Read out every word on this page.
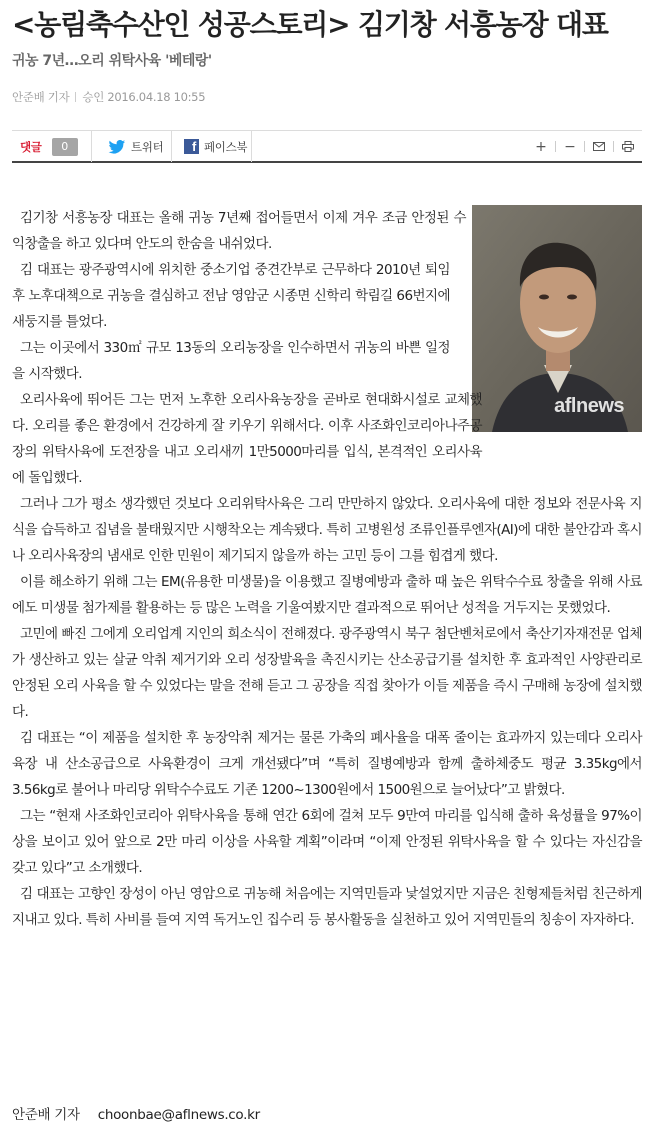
<농림축수산인 성공스토리> 김기창 서흥농장 대표
귀농 7년…오리 위탁사육 '베테랑'
안준배 기자 승인 2016.04.18 10:55
댓글	0	트위터	f 페이스북	+	−
aflnews

김기창 서흥농장 대표는 올해 귀농 7년째 접어들면서 이제 겨우 조금 안정된 수익창출을 하고 있다며 안도의 한숨을 내쉬었다.

김 대표는 광주광역시에 위치한 중소기업 중견간부로 근무하다 2010년 퇴임 후 노후대책으로 귀농을 결심하고 전남 영암군 시종면 신학리 학림길 66번지에 새둥지를 틀었다.

그는 이곳에서 330㎡ 규모 13동의 오리농장을 인수하면서 귀농의 바쁜 일정을 시작했다.

오리사육에 뛰어든 그는 먼저 노후한 오리사육농장을 곧바로 현대화시설로 교체했다. 오리를 좋은 환경에서 건강하게 잘 키우기 위해서다. 이후 사조화인코리아나주공장의 위탁사육에 도전장을 내고 오리새끼 1만5000마리를 입식, 본격적인 오리사육에 돌입했다.

그러나 그가 평소 생각했던 것보다 오리위탁사육은 그리 만만하지 않았다. 오리사육에 대한 정보와 전문사육 지식을 습득하고 집념을 불태웠지만 시행착오는 계속됐다. 특히 고병원성 조류인플루엔자(AI)에 대한 불안감과 혹시나 오리사육장의 냄새로 인한 민원이 제기되지 않을까 하는 고민 등이 그를 힘겹게 했다.

이를 해소하기 위해 그는 EM(유용한 미생물)을 이용했고 질병예방과 출하 때 높은 위탁수수료 창출을 위해 사료에도 미생물 첨가제를 활용하는 등 많은 노력을 기울여봤지만 결과적으로 뛰어난 성적을 거두지는 못했었다.

고민에 빠진 그에게 오리업계 지인의 희소식이 전해졌다. 광주광역시 북구 첨단벤처로에서 축산기자재전문 업체가 생산하고 있는 살균 악취 제거기와 오리 성장발육을 촉진시키는 산소공급기를 설치한 후 효과적인 사양관리로 안정된 오리 사육을 할 수 있었다는 말을 전해 듣고 그 공장을 직접 찾아가 이들 제품을 즉시 구매해 농장에 설치했다.

김 대표는 “이 제품을 설치한 후 농장악취 제거는 물론 가축의 폐사율을 대폭 줄이는 효과까지 있는데다 오리사육장 내 산소공급으로 사육환경이 크게 개선됐다”며 “특히 질병예방과 함께 출하체중도 평균 3.35kg에서 3.56kg로 불어나 마리당 위탁수수료도 기존 1200~1300원에서 1500원으로 늘어났다”고 밝혔다.

그는 “현재 사조화인코리아 위탁사육을 통해 연간 6회에 걸쳐 모두 9만여 마리를 입식해 출하 육성률을 97%이상을 보이고 있어 앞으로 2만 마리 이상을 사육할 계획”이라며 “이제 안정된 위탁사육을 할 수 있다는 자신감을 갖고 있다”고 소개했다.

김 대표는 고향인 장성이 아닌 영암으로 귀농해 처음에는 지역민들과 낯설었지만 지금은 친형제들처럼 친근하게 지내고 있다. 특히 사비를 들여 지역 독거노인 집수리 등 봉사활동을 실천하고 있어 지역민들의 칭송이 자자하다.

안준배 기자 choonbae@aflnews.co.kr
